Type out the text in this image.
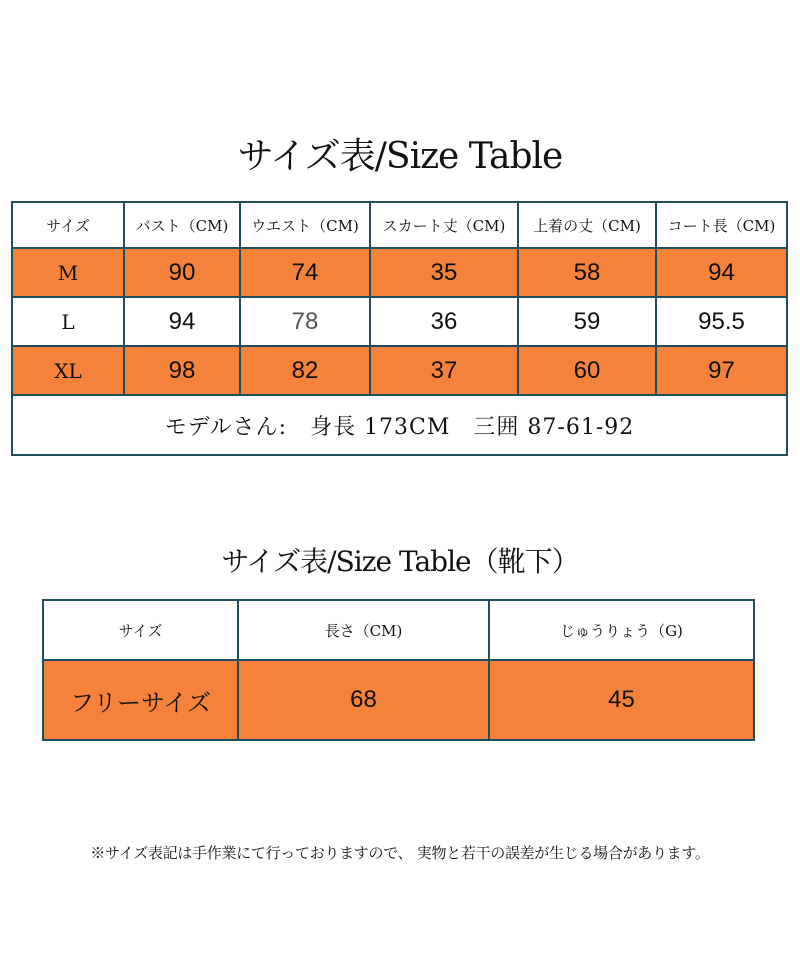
サイズ表/Size Table
サイズ	バスト（CM)	ウエスト（CM)	スカート丈（CM)	上着の丈（CM)	コート長（CM)
M	90	74	35	58	94
L	94	78	36	59	95.5
XL	98	82	37	60	97
モデルさん:　身長 173CM　三囲 87-61-92					
サイズ表/Size Table（靴下）
サイズ	長さ（CM)	じゅうりょう（G)
フリーサイズ	68	45
※サイズ表記は手作業にて行っておりますので、 実物と若干の誤差が生じる場合があります。
